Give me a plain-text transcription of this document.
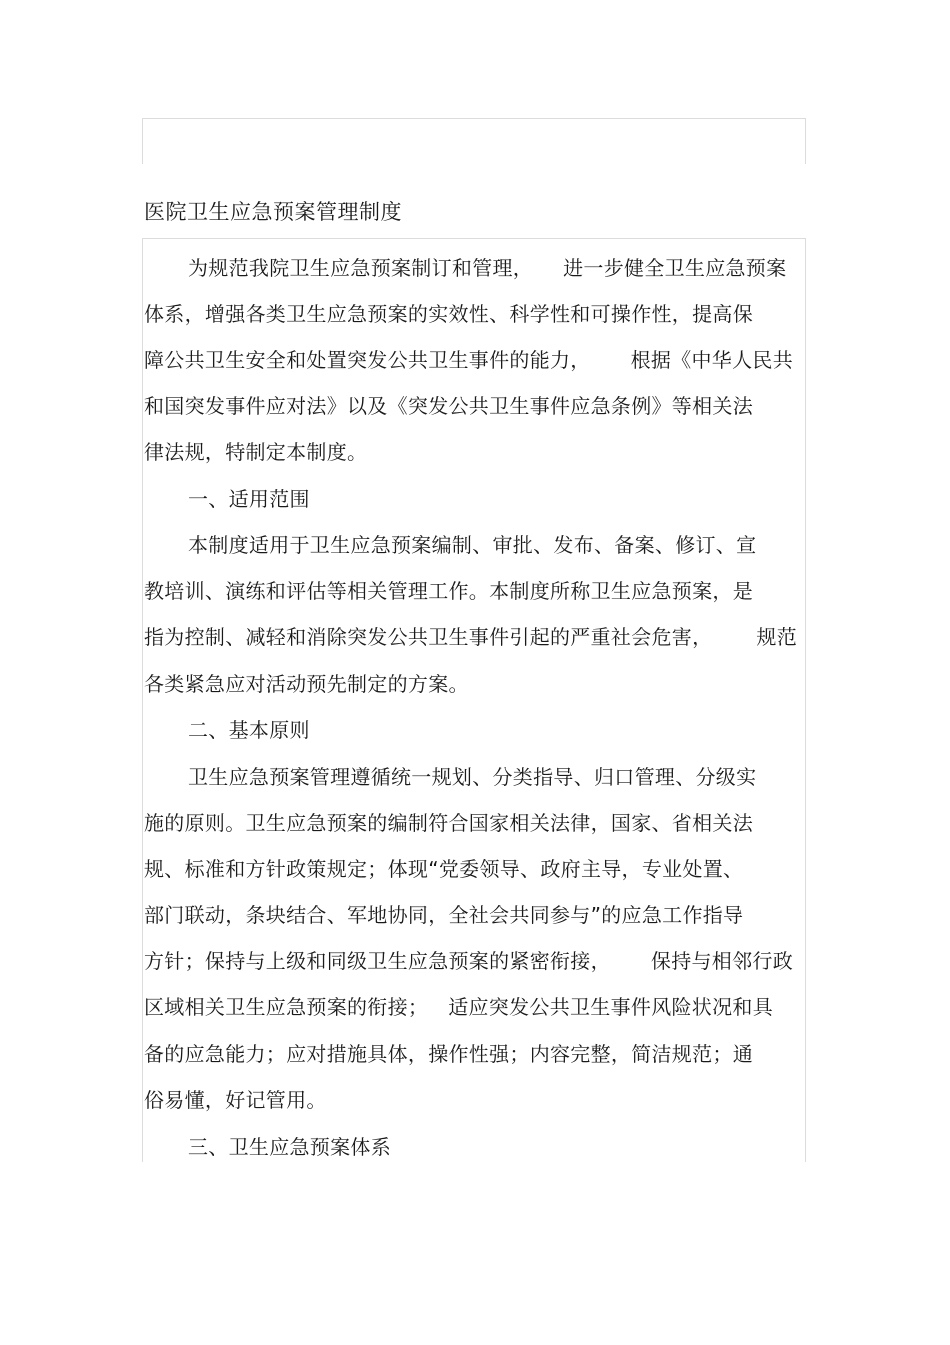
医院卫生应急预案管理制度
为规范我院卫生应急预案制订和管理， 进一步健全卫生应急预案
体系，增强各类卫生应急预案的实效性、科学性和可操作性，提高保
障公共卫生安全和处置突发公共卫生事件的能力， 根据《中华人民共
和国突发事件应对法》以及《突发公共卫生事件应急条例》等相关法
律法规，特制定本制度。
一、适用范围
本制度适用于卫生应急预案编制、审批、发布、备案、修订、宣
教培训、演练和评估等相关管理工作。本制度所称卫生应急预案，是
指为控制、减轻和消除突发公共卫生事件引起的严重社会危害， 规范
各类紧急应对活动预先制定的方案。
二、基本原则
卫生应急预案管理遵循统一规划、分类指导、归口管理、分级实
施的原则。卫生应急预案的编制符合国家相关法律，国家、省相关法
规、标准和方针政策规定；体现“党委领导、政府主导，专业处置、
部门联动，条块结合、军地协同，全社会共同参与”的应急工作指导
方针；保持与上级和同级卫生应急预案的紧密衔接， 保持与相邻行政
区域相关卫生应急预案的衔接； 适应突发公共卫生事件风险状况和具
备的应急能力；应对措施具体，操作性强；内容完整，简洁规范；通
俗易懂，好记管用。
三、卫生应急预案体系
